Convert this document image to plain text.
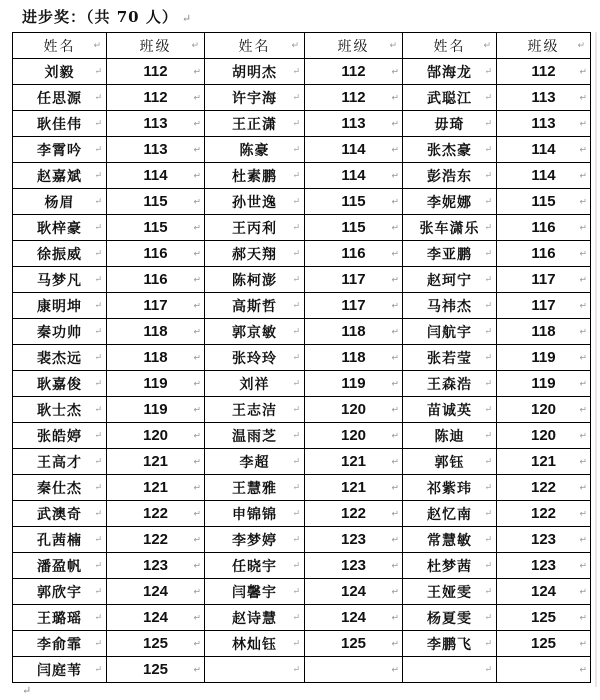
进步奖：（共 70 人） ↵
姓名 ↵	班级 ↵	姓名 ↵	班级 ↵	姓名 ↵	班级 ↵

刘毅 ↵	112 ↵	胡明杰 ↵	112 ↵	郜海龙 ↵	112 ↵

任思源 ↵	112 ↵	许宇海 ↵	112 ↵	武聪江 ↵	113 ↵

耿佳伟 ↵	113 ↵	王正潇 ↵	113 ↵	毋琦 ↵	113 ↵

李霄吟 ↵	113 ↵	陈豪 ↵	114 ↵	张杰豪 ↵	114 ↵

赵嘉斌 ↵	114 ↵	杜素鹏 ↵	114 ↵	彭浩东 ↵	114 ↵

杨眉 ↵	115 ↵	孙世逸 ↵	115 ↵	李妮娜 ↵	115 ↵

耿梓豪 ↵	115 ↵	王丙利 ↵	115 ↵	张车潇乐 ↵	116 ↵

徐振威 ↵	116 ↵	郝天翔 ↵	116 ↵	李亚鹏 ↵	116 ↵

马梦凡 ↵	116 ↵	陈柯澎 ↵	117 ↵	赵珂宁 ↵	117 ↵

康明坤 ↵	117 ↵	高斯哲 ↵	117 ↵	马祎杰 ↵	117 ↵

秦功帅 ↵	118 ↵	郭京敏 ↵	118 ↵	闫航宇 ↵	118 ↵

裴杰远 ↵	118 ↵	张玲玲 ↵	118 ↵	张若莹 ↵	119 ↵

耿嘉俊 ↵	119 ↵	刘祥 ↵	119 ↵	王森浩 ↵	119 ↵

耿士杰 ↵	119 ↵	王志洁 ↵	120 ↵	苗诚英 ↵	120 ↵

张皓婷 ↵	120 ↵	温雨芝 ↵	120 ↵	陈迪 ↵	120 ↵

王高才 ↵	121 ↵	李超 ↵	121 ↵	郭钰 ↵	121 ↵

秦仕杰 ↵	121 ↵	王慧雅 ↵	121 ↵	祁紫玮 ↵	122 ↵

武澳奇 ↵	122 ↵	申锦锦 ↵	122 ↵	赵忆南 ↵	122 ↵

孔茜楠 ↵	122 ↵	李梦婷 ↵	123 ↵	常慧敏 ↵	123 ↵

潘盈帆 ↵	123 ↵	任晓宇 ↵	123 ↵	杜梦茜 ↵	123 ↵

郭欣宇 ↵	124 ↵	闫馨宇 ↵	124 ↵	王娅雯 ↵	124 ↵

王璐瑶 ↵	124 ↵	赵诗慧 ↵	124 ↵	杨夏雯 ↵	125 ↵

李俞霏 ↵	125 ↵	林灿钰 ↵	125 ↵	李鹏飞 ↵	125 ↵

闫庭苇 ↵	125 ↵	↵	↵	↵	↵
↵
